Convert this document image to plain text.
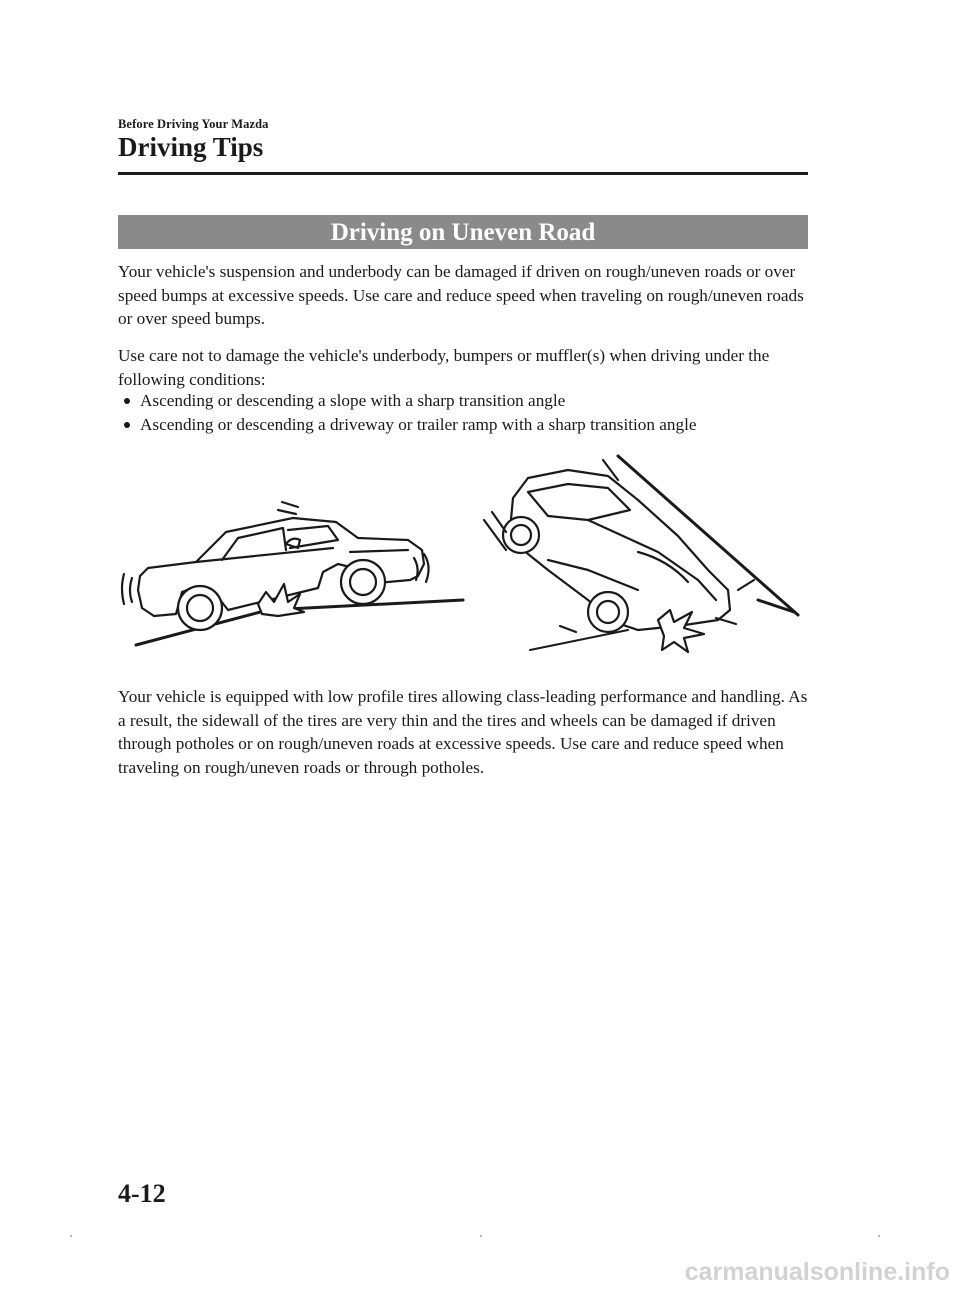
Before Driving Your Mazda
Driving Tips
Driving on Uneven Road
Your vehicle's suspension and underbody can be damaged if driven on rough/uneven roads or over speed bumps at excessive speeds. Use care and reduce speed when traveling on rough/uneven roads or over speed bumps.
Use care not to damage the vehicle's underbody, bumpers or muffler(s) when driving under the following conditions:
Ascending or descending a slope with a sharp transition angle
Ascending or descending a driveway or trailer ramp with a sharp transition angle
Your vehicle is equipped with low profile tires allowing class-leading performance and handling. As a result, the sidewall of the tires are very thin and the tires and wheels can be damaged if driven through potholes or on rough/uneven roads at excessive speeds. Use care and reduce speed when traveling on rough/uneven roads or through potholes.
4-12
carmanualsonline.info
